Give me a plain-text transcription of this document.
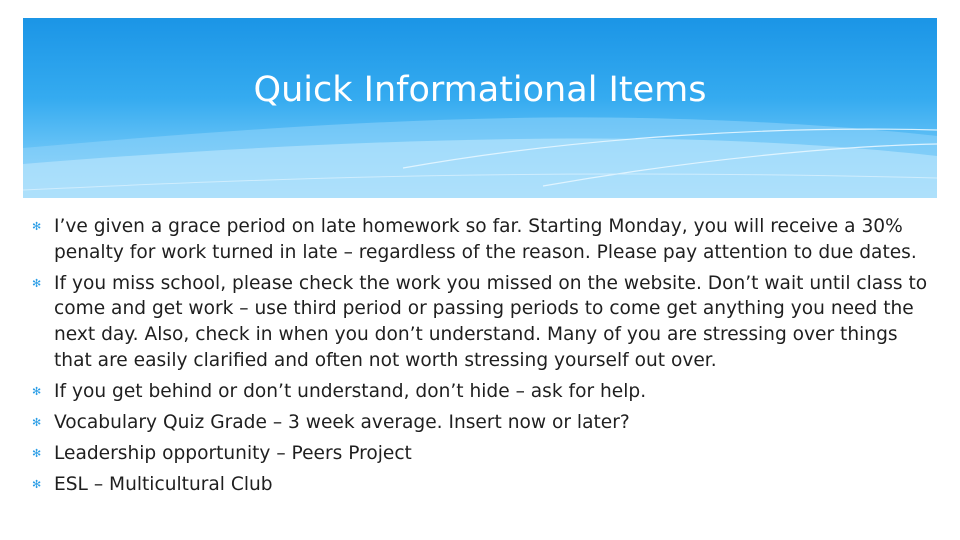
Quick Informational Items
✻ I’ve given a grace period on late homework so far. Starting Monday, you will receive a 30% penalty for work turned in late – regardless of the reason. Please pay attention to due dates.
✻ If you miss school, please check the work you missed on the website. Don’t wait until class to come and get work – use third period or passing periods to come get anything you need the next day. Also, check in when you don’t understand. Many of you are stressing over things that are easily clarified and often not worth stressing yourself out over.
✻ If you get behind or don’t understand, don’t hide – ask for help.
✻ Vocabulary Quiz Grade – 3 week average. Insert now or later?
✻ Leadership opportunity – Peers Project
✻ ESL – Multicultural Club
